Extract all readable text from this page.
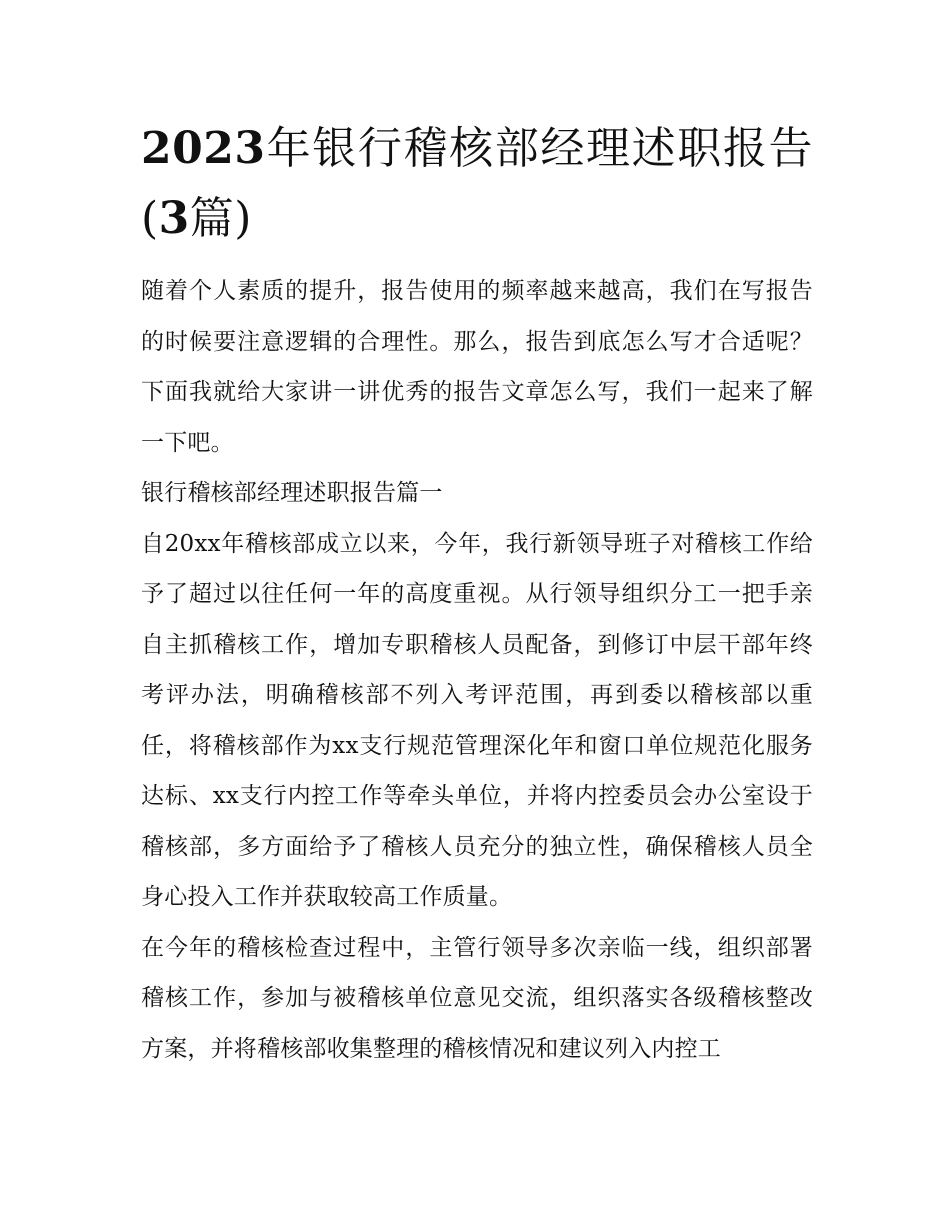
2023年银行稽核部经理述职报告(3篇)

随着个人素质的提升，报告使用的频率越来越高，我们在写报告的时候要注意逻辑的合理性。那么，报告到底怎么写才合适呢？下面我就给大家讲一讲优秀的报告文章怎么写，我们一起来了解一下吧。

银行稽核部经理述职报告篇一

自20xx年稽核部成立以来，今年，我行新领导班子对稽核工作给予了超过以往任何一年的高度重视。从行领导组织分工一把手亲自主抓稽核工作，增加专职稽核人员配备，到修订中层干部年终考评办法，明确稽核部不列入考评范围，再到委以稽核部以重任，将稽核部作为xx支行规范管理深化年和窗口单位规范化服务达标、xx支行内控工作等牵头单位，并将内控委员会办公室设于稽核部，多方面给予了稽核人员充分的独立性，确保稽核人员全身心投入工作并获取较高工作质量。

在今年的稽核检查过程中，主管行领导多次亲临一线，组织部署稽核工作，参加与被稽核单位意见交流，组织落实各级稽核整改方案，并将稽核部收集整理的稽核情况和建议列入内控工
